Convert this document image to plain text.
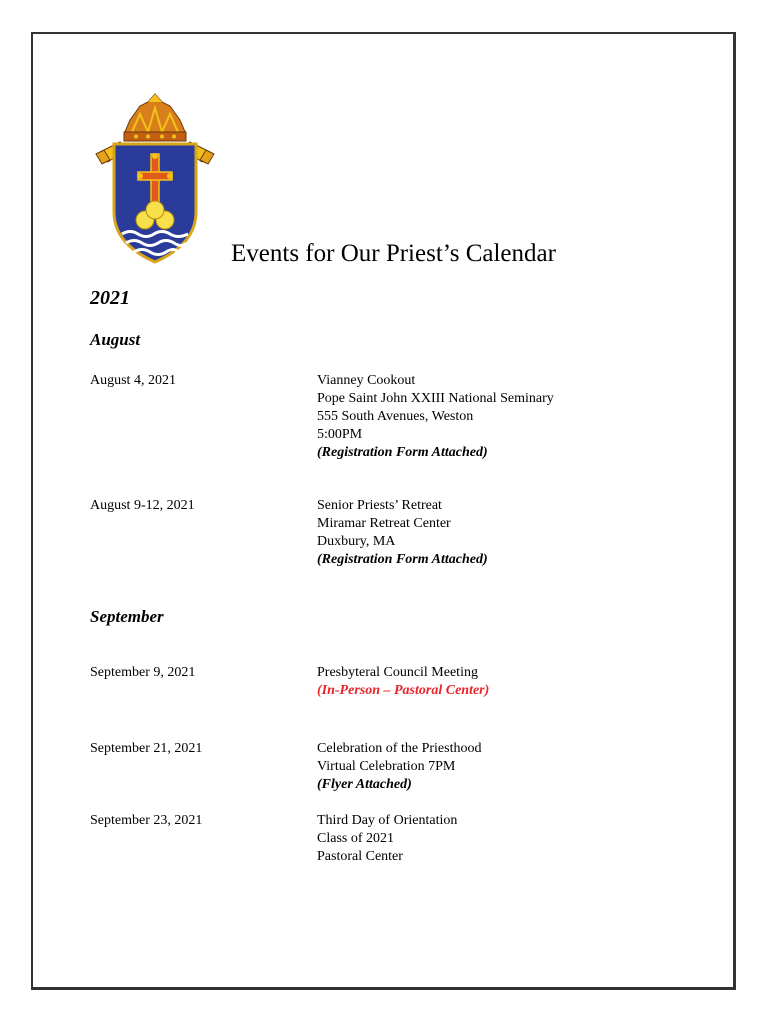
Events for Our Priest’s Calendar
2021
August
August 4, 2021	Vianney Cookout
Pope Saint John XXIII National Seminary
555 South Avenues, Weston
5:00PM
(Registration Form Attached)
August 9-12, 2021	Senior Priests’ Retreat
Miramar Retreat Center
Duxbury, MA
(Registration Form Attached)
September
September 9, 2021	Presbyteral Council Meeting
(In-Person – Pastoral Center)
September 21, 2021	Celebration of the Priesthood
Virtual Celebration 7PM
(Flyer Attached)
September 23, 2021	Third Day of Orientation
Class of 2021
Pastoral Center
